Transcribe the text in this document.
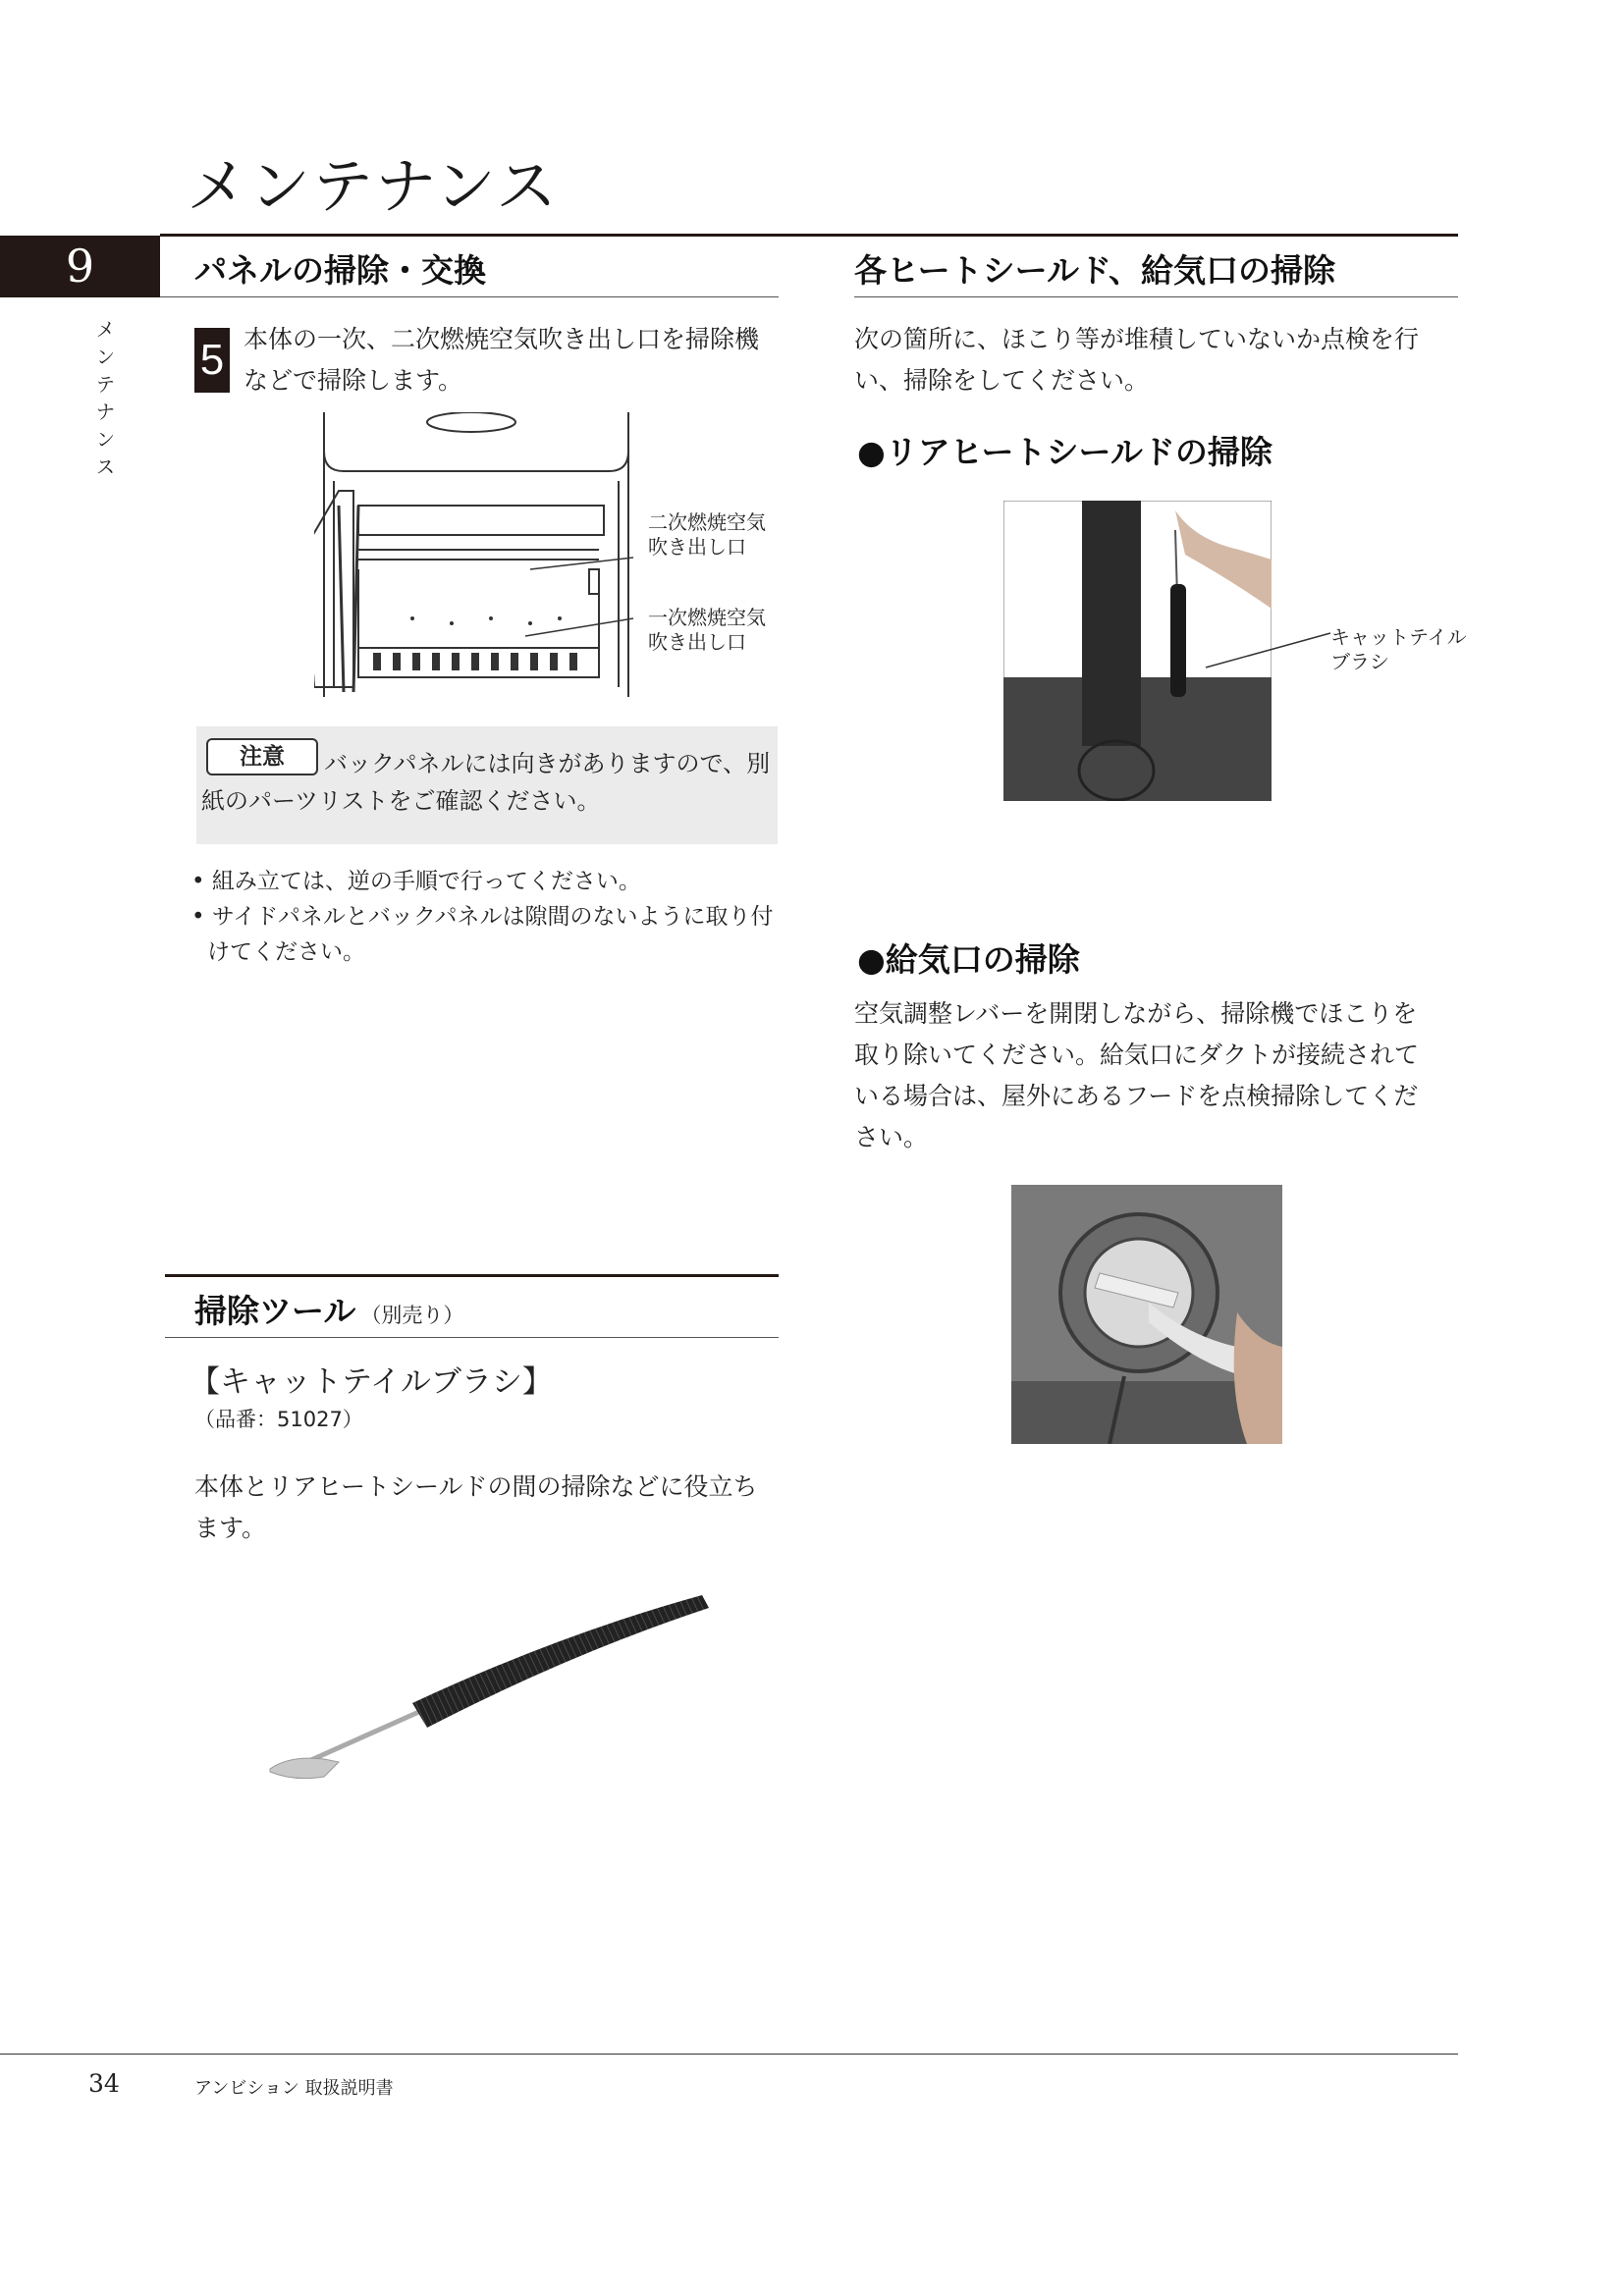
メンテナンス
9
メンテナンス
パネルの掃除・交換
5 本体の一次、二次燃焼空気吹き出し口を掃除機
などで掃除します。
二次燃焼空気
吹き出し口
一次燃焼空気
吹き出し口
注意	バックパネルには向きがありますので、別
紙のパーツリストをご確認ください。
• 組み立ては、逆の手順で行ってください。
• サイドパネルとバックパネルは隙間のないように取り付
けてください。
掃除ツール （別売り）
【キャットテイルブラシ】
（品番：51027）
本体とリアヒートシールドの間の掃除などに役立ち
ます。
各ヒートシールド、給気口の掃除
次の箇所に、ほこり等が堆積していないか点検を行
い、掃除をしてください。
●リアヒートシールドの掃除
キャットテイル
ブラシ
●給気口の掃除
空気調整レバーを開閉しながら、掃除機でほこりを
取り除いてください。給気口にダクトが接続されて
いる場合は、屋外にあるフードを点検掃除してくだ
さい。
34	アンビション 取扱説明書
